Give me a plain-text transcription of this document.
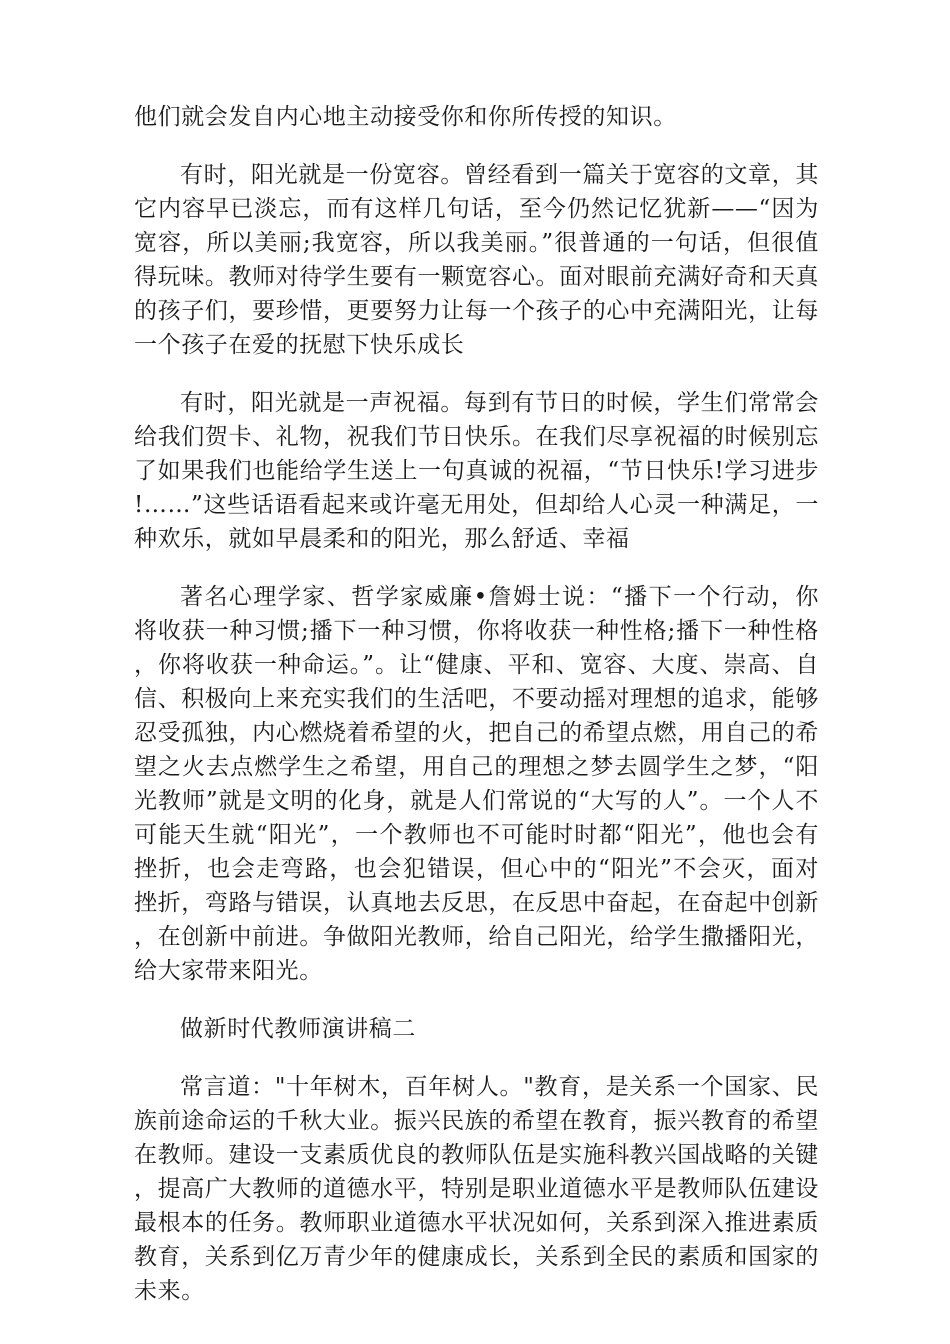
他们就会发自内心地主动接受你和你所传授的知识。

有时，阳光就是一份宽容。曾经看到一篇关于宽容的文章，其它内容早已淡忘，而有这样几句话，至今仍然记忆犹新——“因为宽容，所以美丽;我宽容，所以我美丽。”很普通的一句话，但很值得玩味。教师对待学生要有一颗宽容心。面对眼前充满好奇和天真的孩子们，要珍惜，更要努力让每一个孩子的心中充满阳光，让每一个孩子在爱的抚慰下快乐成长

有时，阳光就是一声祝福。每到有节日的时候，学生们常常会给我们贺卡、礼物，祝我们节日快乐。在我们尽享祝福的时候别忘了如果我们也能给学生送上一句真诚的祝福，“节日快乐!学习进步!……”这些话语看起来或许毫无用处，但却给人心灵一种满足，一种欢乐，就如早晨柔和的阳光，那么舒适、幸福

著名心理学家、哲学家威廉•詹姆士说：“播下一个行动，你将收获一种习惯;播下一种习惯，你将收获一种性格;播下一种性格，你将收获一种命运。”。让“健康、平和、宽容、大度、崇高、自信、积极向上来充实我们的生活吧，不要动摇对理想的追求，能够忍受孤独，内心燃烧着希望的火，把自己的希望点燃，用自己的希望之火去点燃学生之希望，用自己的理想之梦去圆学生之梦，“阳光教师”就是文明的化身，就是人们常说的“大写的人”。一个人不可能天生就“阳光”，一个教师也不可能时时都“阳光”，他也会有挫折，也会走弯路，也会犯错误，但心中的“阳光”不会灭，面对挫折，弯路与错误，认真地去反思，在反思中奋起，在奋起中创新，在创新中前进。争做阳光教师，给自己阳光，给学生撒播阳光，给大家带来阳光。

做新时代教师演讲稿二

常言道："十年树木，百年树人。"教育，是关系一个国家、民族前途命运的千秋大业。振兴民族的希望在教育，振兴教育的希望在教师。建设一支素质优良的教师队伍是实施科教兴国战略的关键，提高广大教师的道德水平，特别是职业道德水平是教师队伍建设最根本的任务。教师职业道德水平状况如何，关系到深入推进素质教育，关系到亿万青少年的健康成长，关系到全民的素质和国家的未来。
